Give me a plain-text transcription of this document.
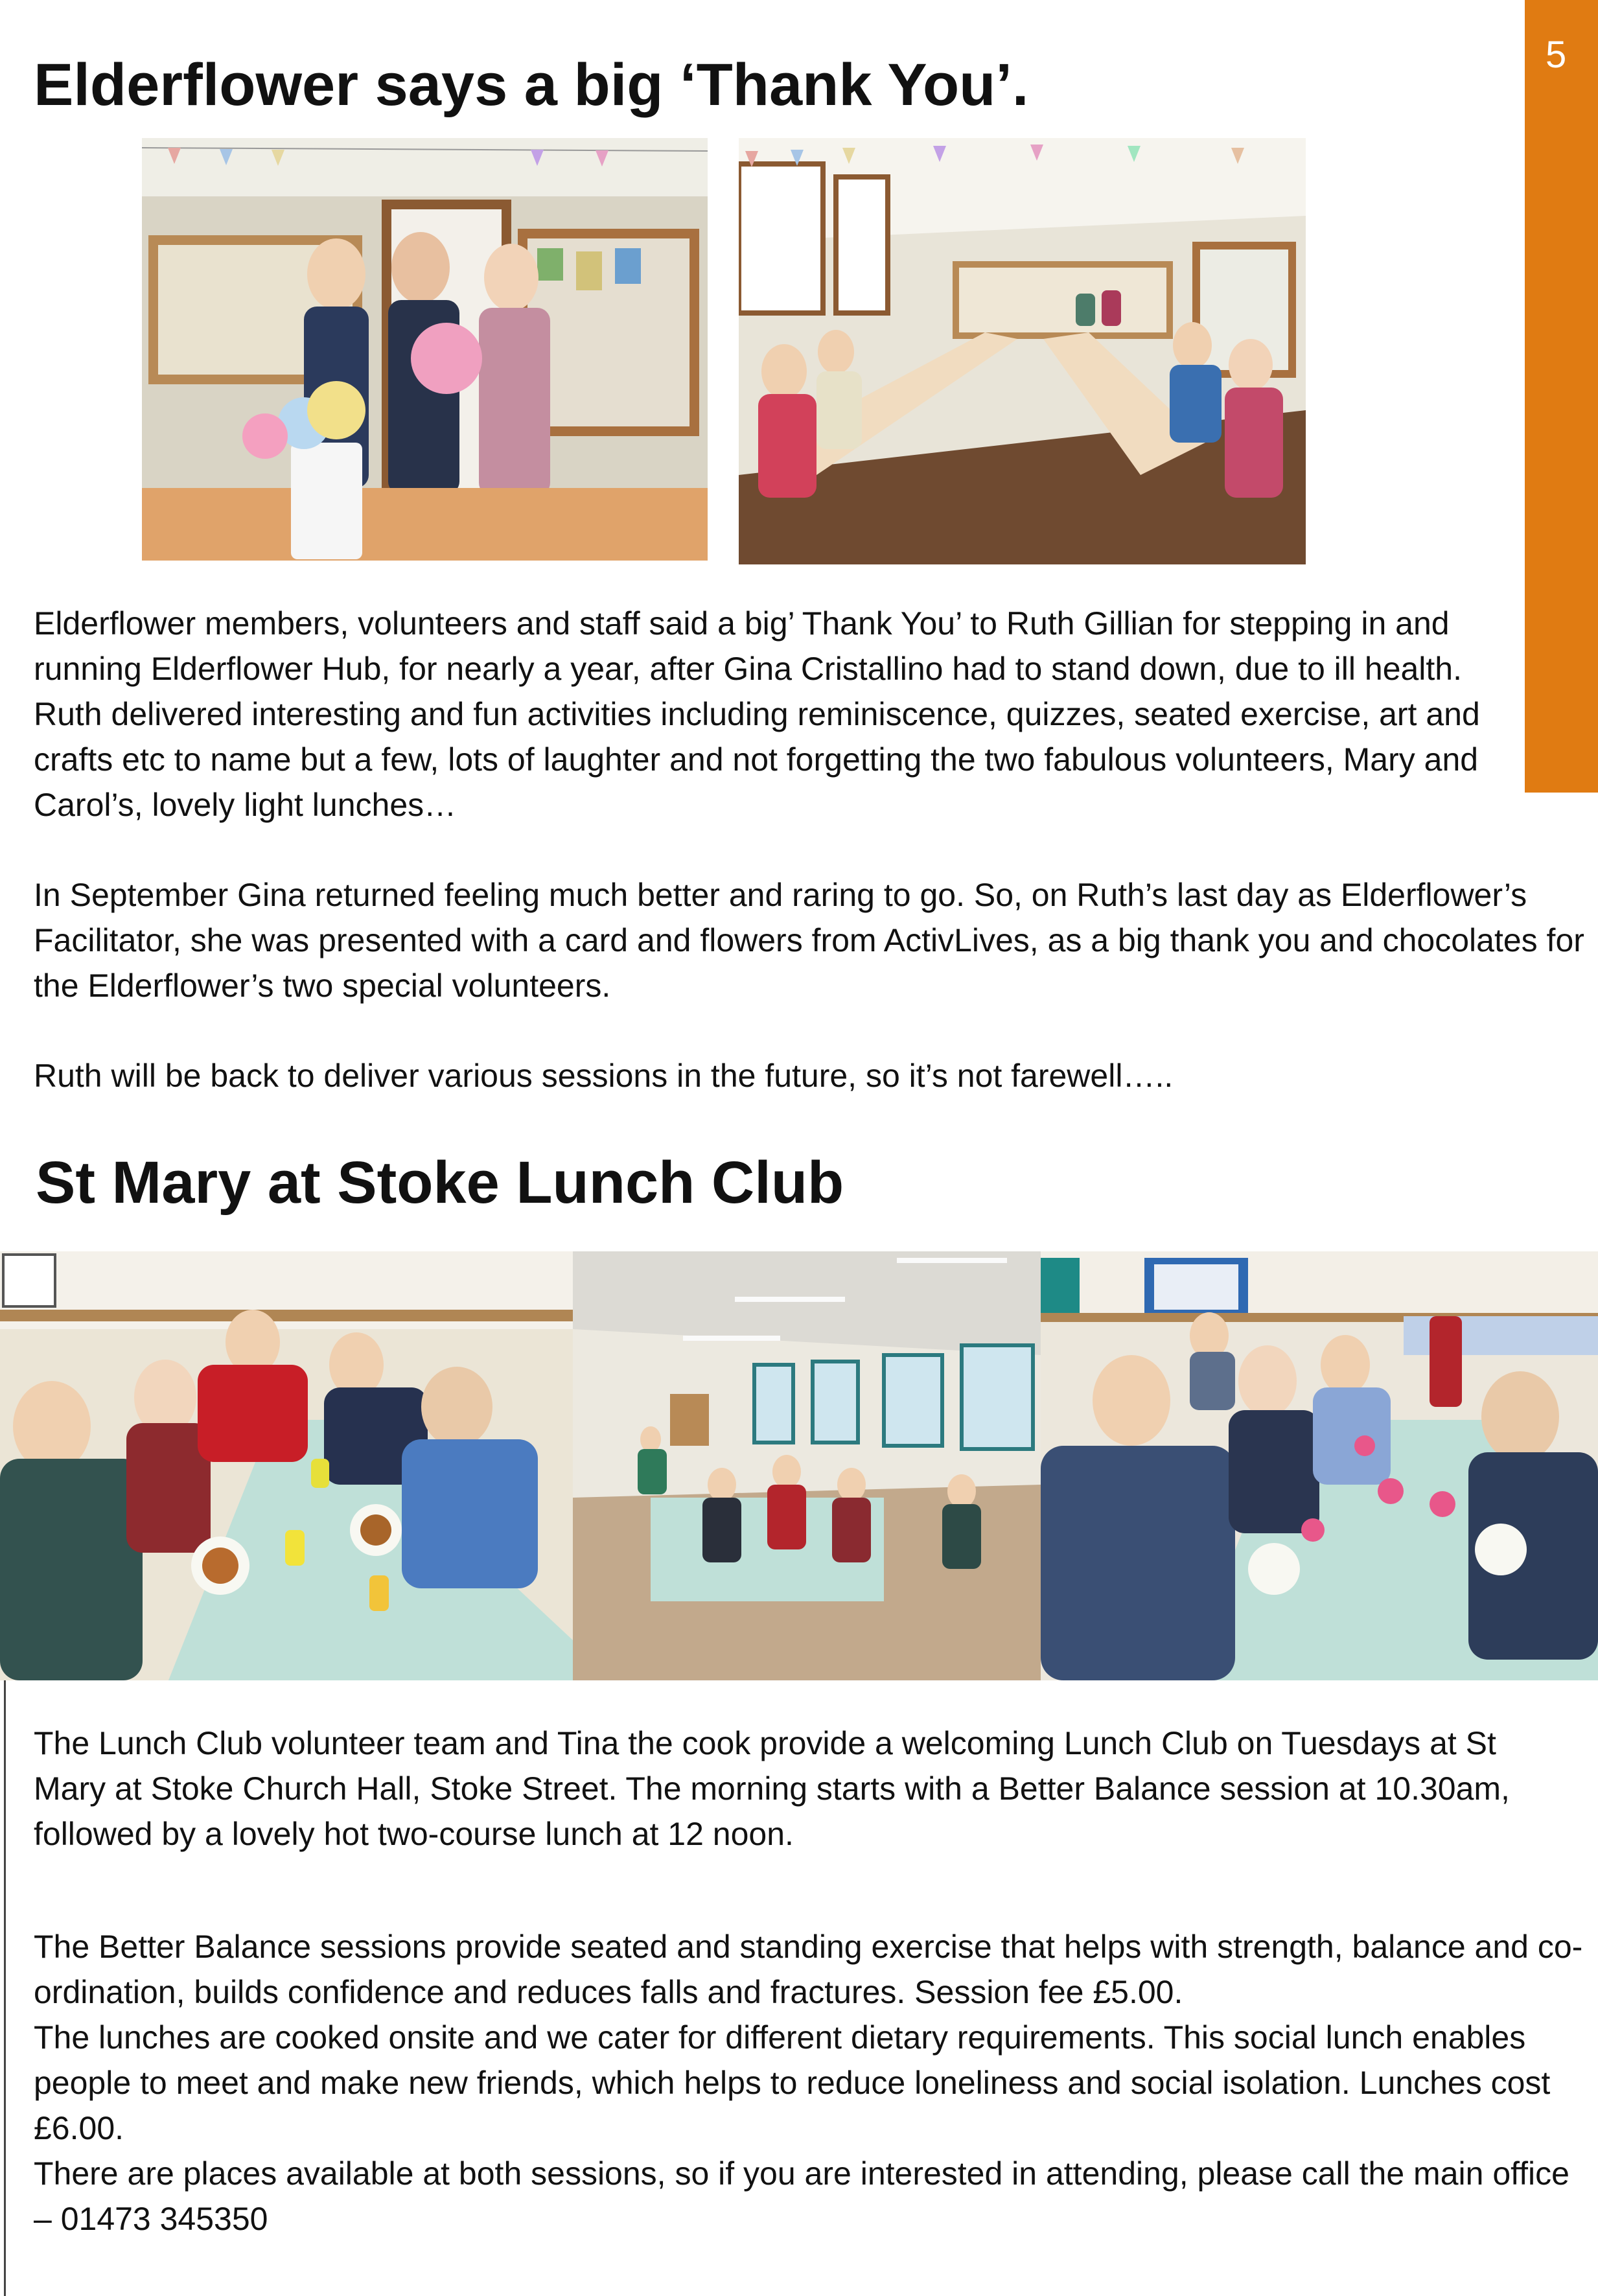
5
Elderflower says a big ‘Thank You’.

Elderflower members, volunteers and staff said a big’ Thank You’ to Ruth Gillian for stepping in and running Elderflower Hub, for nearly a year, after Gina Cristallino had to stand down, due to ill health. Ruth delivered interesting and fun activities including reminiscence, quizzes, seated exercise, art and crafts etc to name but a few, lots of laughter and not forgetting the two fabulous volunteers, Mary and Carol’s, lovely light lunches…

In September Gina returned feeling much better and raring to go. So, on Ruth’s last day as Elderflower’s Facilitator, she was presented with a card and flowers from ActivLives, as a big thank you and chocolates for the Elderflower’s two special volunteers.

Ruth will be back to deliver various sessions in the future, so it’s not farewell…..

St Mary at Stoke Lunch Club

The Lunch Club volunteer team and Tina the cook provide a welcoming Lunch Club on Tuesdays at St Mary at Stoke Church Hall, Stoke Street. The morning starts with a Better Balance session at 10.30am, followed by a lovely hot two-course lunch at 12 noon.

The Better Balance sessions provide seated and standing exercise that helps with strength, balance and co-ordination, builds confidence and reduces falls and fractures. Session fee £5.00.

The lunches are cooked onsite and we cater for different dietary requirements. This social lunch enables people to meet and make new friends, which helps to reduce loneliness and social isolation. Lunches cost £6.00.

There are places available at both sessions, so if you are interested in attending, please call the main office – 01473 345350
